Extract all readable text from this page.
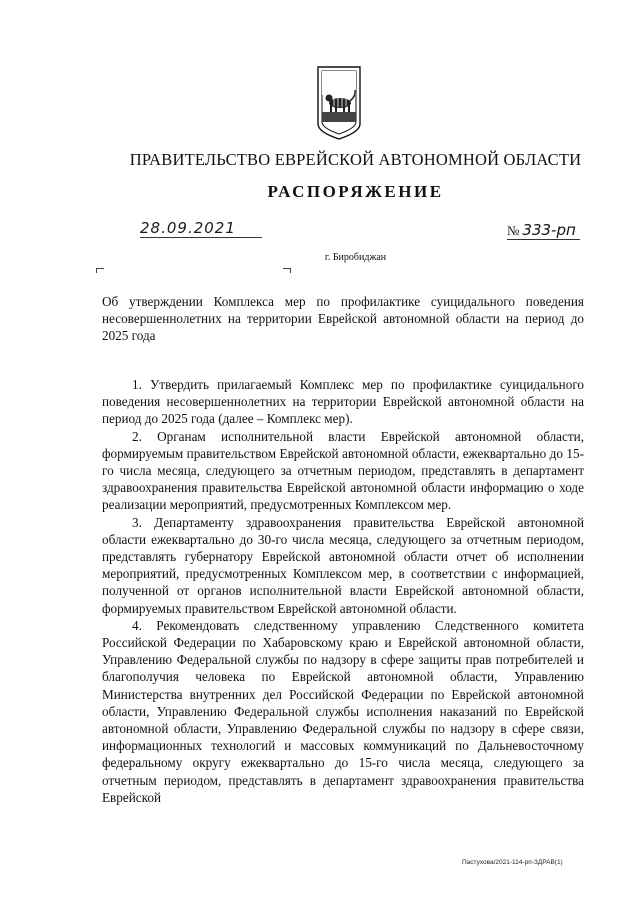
ПРАВИТЕЛЬСТВО ЕВРЕЙСКОЙ АВТОНОМНОЙ ОБЛАСТИ
РАСПОРЯЖЕНИЕ
28.09.2021	№ 333-рп
г. Биробиджан
Об утверждении Комплекса мер по профилактике суицидального поведения несовершеннолетних на территории Еврейской автономной области на период до 2025 года

1. Утвердить прилагаемый Комплекс мер по профилактике суицидального поведения несовершеннолетних на территории Еврейской автономной области на период до 2025 года (далее – Комплекс мер).

2. Органам исполнительной власти Еврейской автономной области, формируемым правительством Еврейской автономной области, ежеквартально до 15-го числа месяца, следующего за отчетным периодом, представлять в департамент здравоохранения правительства Еврейской автономной области информацию о ходе реализации мероприятий, предусмотренных Комплексом мер.

3. Департаменту здравоохранения правительства Еврейской автономной области ежеквартально до 30-го числа месяца, следующего за отчетным периодом, представлять губернатору Еврейской автономной области отчет об исполнении мероприятий, предусмотренных Комплексом мер, в соответствии с информацией, полученной от органов исполнительной власти Еврейской автономной области, формируемых правительством Еврейской автономной области.

4. Рекомендовать следственному управлению Следственного комитета Российской Федерации по Хабаровскому краю и Еврейской автономной области, Управлению Федеральной службы по надзору в сфере защиты прав потребителей и благополучия человека по Еврейской автономной области, Управлению Министерства внутренних дел Российской Федерации по Еврейской автономной области, Управлению Федеральной службы исполнения наказаний по Еврейской автономной области, Управлению Федеральной службы по надзору в сфере связи, информационных технологий и массовых коммуникаций по Дальневосточному федеральному округу ежеквартально до 15-го числа месяца, следующего за отчетным периодом, представлять в департамент здравоохранения правительства Еврейской

Пастухова/2021-114-рп-ЗДРАВ(1)
